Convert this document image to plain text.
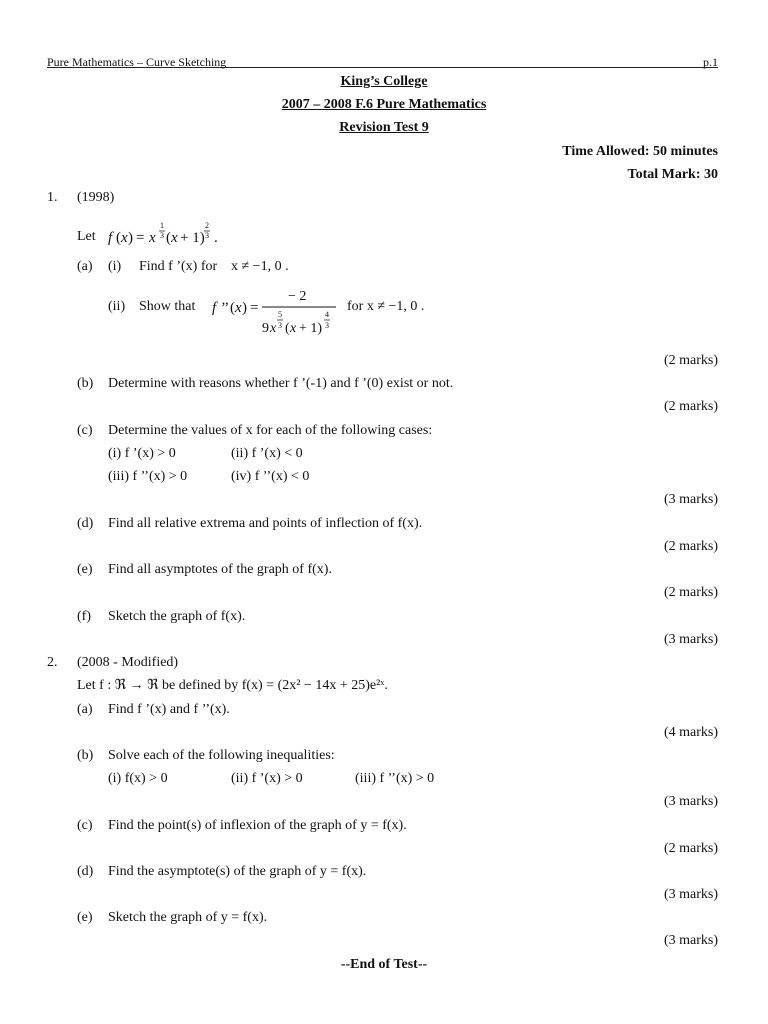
Pure Mathematics – Curve Sketching	p.1
King’s College
2007 – 2008 F.6 Pure Mathematics
Revision Test 9
Time Allowed: 50 minutes
Total Mark: 30
1. (1998)
Let f ( x ) = x
1
3 ( x + 1)
2
3 .
(a) (i) Find f ’(x) for x ≠ −1, 0 .
(ii) Show that f ’’ ( x ) =
− 2
9 x
5
3 ( x + 1)
4
3
for x ≠ −1, 0 .
(2 marks)
(b) Determine with reasons whether f ’(-1) and f ’(0) exist or not.
(2 marks)
(c) Determine the values of x for each of the following cases:
(i) f ’(x) > 0	(ii) f ’(x) < 0
(iii) f ’’(x) > 0	(iv) f ’’(x) < 0
(3 marks)
(d) Find all relative extrema and points of inflection of f(x).
(2 marks)
(e) Find all asymptotes of the graph of f(x).
(2 marks)
(f) Sketch the graph of f(x).
(3 marks)
2. (2008 - Modified)
Let f : ℜ → ℜ be defined by f(x) = (2x² − 14x + 25)e²ˣ.
(a) Find f ’(x) and f ’’(x).
(4 marks)
(b) Solve each of the following inequalities:
(i) f(x) > 0	(ii) f ’(x) > 0	(iii) f ’’(x) > 0
(3 marks)
(c) Find the point(s) of inflexion of the graph of y = f(x).
(2 marks)
(d) Find the asymptote(s) of the graph of y = f(x).
(3 marks)
(e) Sketch the graph of y = f(x).
(3 marks)
--End of Test--
